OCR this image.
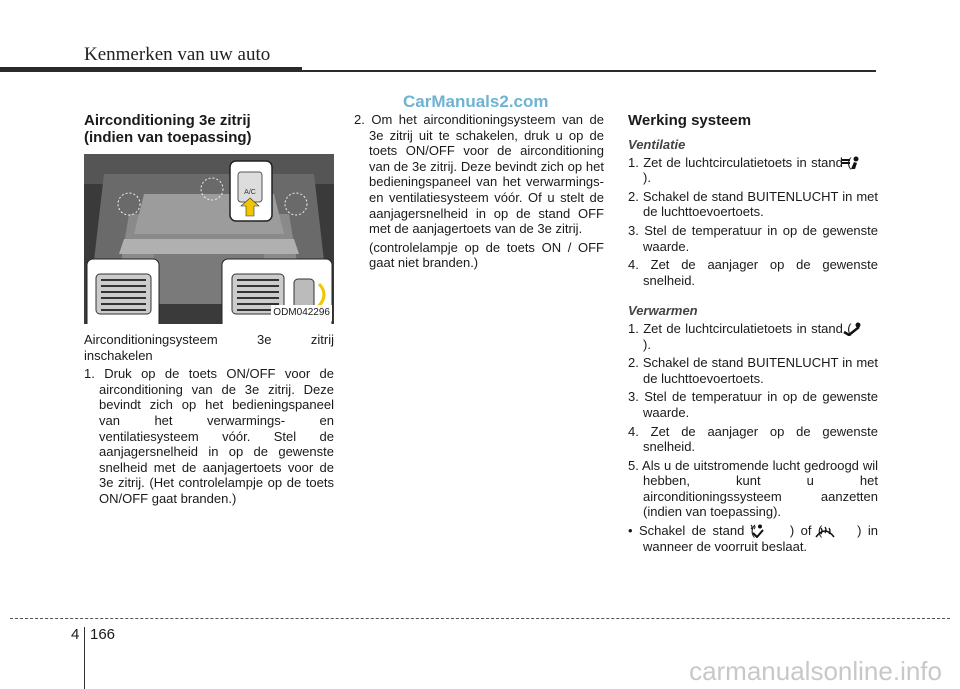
Kenmerken van uw auto
CarManuals2.com
Airconditioning 3e zitrij
(indien van toepassing)
A/C
ODM042296

Airconditioningsysteem 3e zitrij inschakelen

1. Druk op de toets ON/OFF voor de airconditioning van de 3e zitrij. Deze bevindt zich op het bedieningspaneel van het verwarmings- en ventilatiesysteem vóór. Stel de aanjagersnelheid in op de gewenste snelheid met de aanjagertoets voor de 3e zitrij. (Het controlelampje op de toets ON/OFF gaat branden.)

2. Om het airconditioningsysteem van de 3e zitrij uit te schakelen, druk u op de toets ON/OFF voor de airconditioning van de 3e zitrij. Deze bevindt zich op het bedieningspaneel van het verwarmings- en ventilatiesysteem vóór. Of u stelt de aanjagersnelheid in op de stand OFF met de aanjagertoets van de 3e zitrij.

(controlelampje op de toets ON / OFF gaat niet branden.)

Werking systeem
Ventilatie

1. Zet de luchtcirculatietoets in stand (  ).

2. Schakel de stand BUITENLUCHT in met de luchttoevoertoets.

3. Stel de temperatuur in op de gewenste waarde.

4. Zet de aanjager op de gewenste snelheid.

Verwarmen

1. Zet de luchtcirculatietoets in stand (  ).

2. Schakel de stand BUITENLUCHT in met de luchttoevoertoets.

3. Stel de temperatuur in op de gewenste waarde.

4. Zet de aanjager op de gewenste snelheid.

5. Als u de uitstromende lucht gedroogd wil hebben, kunt u het airconditioningssysteem aanzetten (indien van toepassing).

• Schakel de stand (	) of (	) in wanneer de voorruit beslaat.

4 166
carmanualsonline.info
